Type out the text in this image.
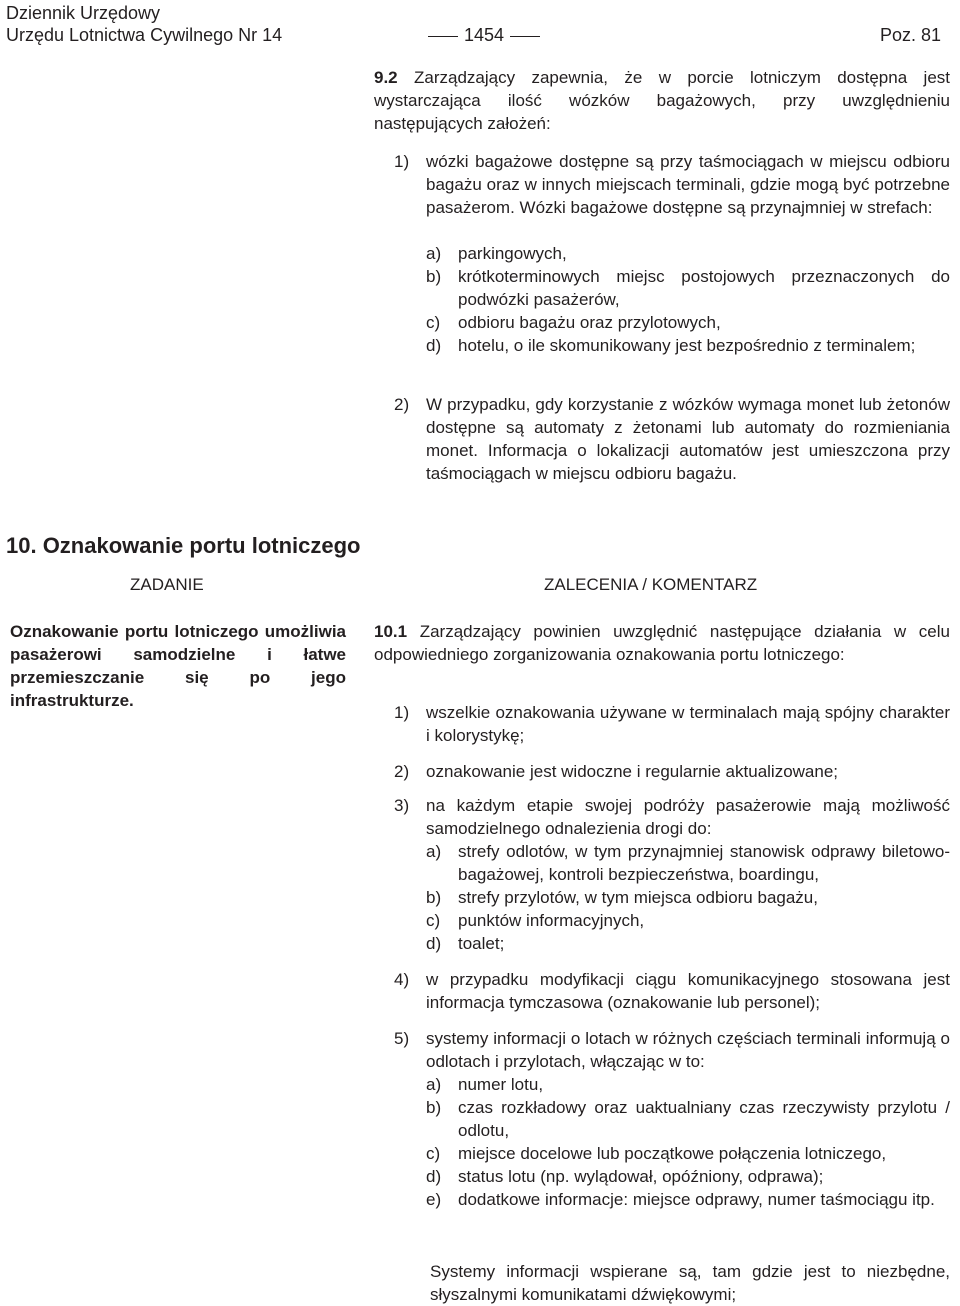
Dziennik Urzędowy
Urzędu Lotnictwa Cywilnego Nr 14	1454	Poz. 81
9.2 Zarządzający zapewnia, że w porcie lotniczym dostępna jest wystarczająca ilość wózków bagażowych, przy uwzględnieniu następujących założeń:
1) wózki bagażowe dostępne są przy taśmociągach w miejscu odbioru bagażu oraz w innych miejscach terminali, gdzie mogą być potrzebne pasażerom. Wózki bagażowe dostępne są przynajmniej w strefach:
a) parkingowych,
b) krótkoterminowych miejsc postojowych przeznaczonych do podwózki pasażerów,
c)	odbioru bagażu oraz przylotowych,
d) hotelu, o ile skomunikowany jest bezpośrednio z terminalem;
2) W przypadku, gdy korzystanie z wózków wymaga monet lub żetonów dostępne są automaty z żetonami lub automaty do rozmieniania monet. Informacja o lokalizacji automatów jest umieszczona przy taśmociągach w miejscu odbioru bagażu.
10. Oznakowanie portu lotniczego
ZADANIE	ZALECENIA / KOMENTARZ
Oznakowanie portu lotniczego umożliwia pasażerowi samodzielne i łatwe przemieszczanie się po jego infrastrukturze.
10.1 Zarządzający powinien uwzględnić następujące działania w celu odpowiedniego zorganizowania oznakowania portu lotniczego:
1) wszelkie oznakowania używane w terminalach mają spójny charakter i kolorystykę;
2) oznakowanie jest widoczne i regularnie aktualizowane;
3) na każdym etapie swojej podróży pasażerowie mają możliwość samodzielnego odnalezienia drogi do:
a) strefy odlotów, w tym przynajmniej stanowisk odprawy biletowo-bagażowej, kontroli bezpieczeństwa, boardingu,
b) strefy przylotów, w tym miejsca odbioru bagażu,
c)	punktów informacyjnych,
d) toalet;
4) w przypadku modyfikacji ciągu komunikacyjnego stosowana jest informacja tymczasowa (oznakowanie lub personel);
5) systemy informacji o lotach w różnych częściach terminali informują o odlotach i przylotach, włączając w to:
a) numer lotu,
b) czas rozkładowy oraz uaktualniany czas rzeczywisty przylotu / odlotu,
c)	miejsce docelowe lub początkowe połączenia lotniczego,
d) status lotu (np. wylądował, opóźniony, odprawa);
e) dodatkowe informacje: miejsce odprawy, numer taśmociągu itp.
Systemy informacji wspierane są, tam gdzie jest to niezbędne, słyszalnymi komunikatami dźwiękowymi;
